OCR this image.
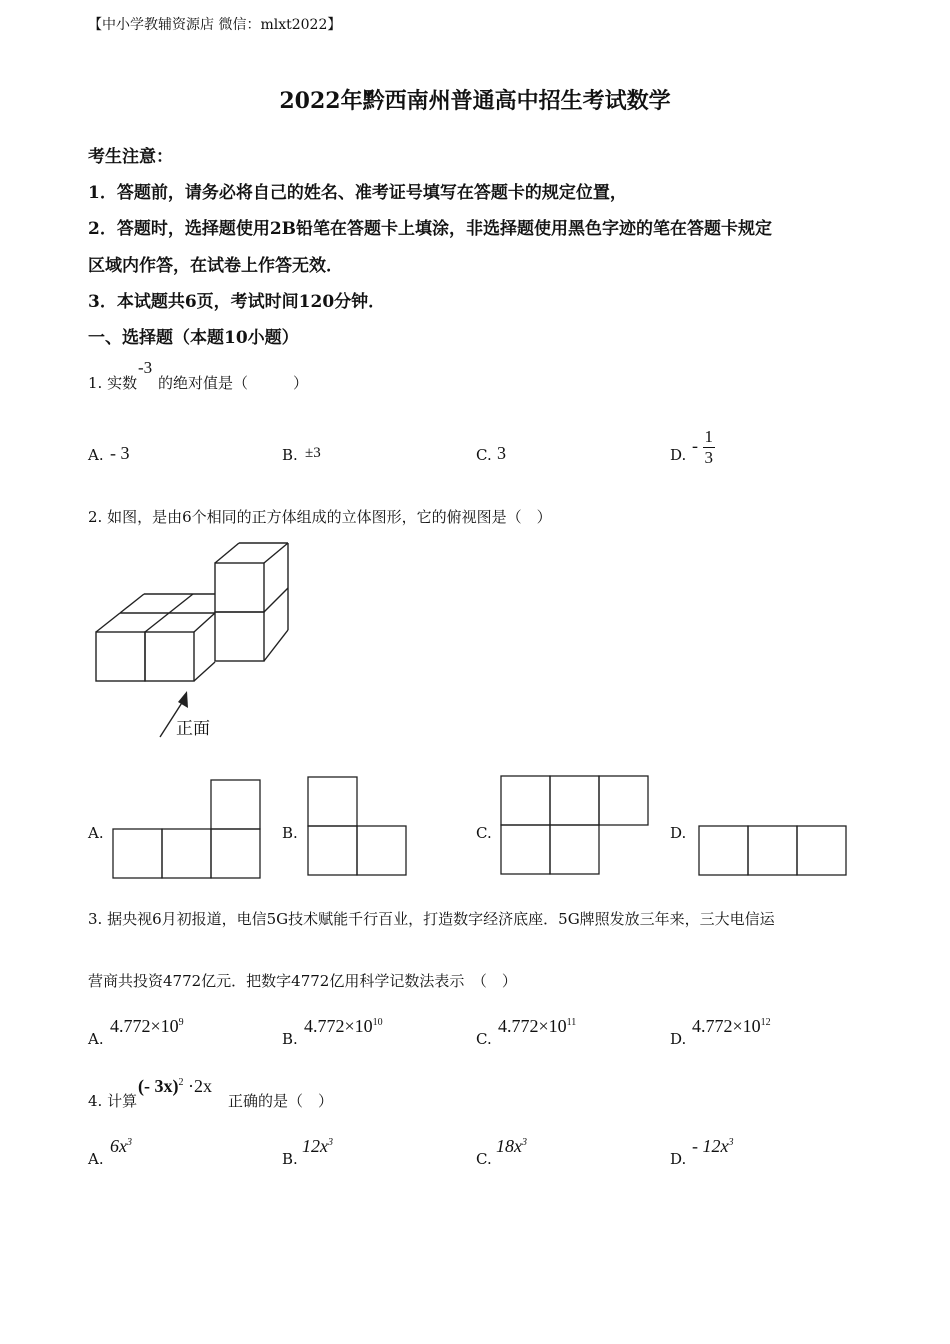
【中小学教辅资源店 微信：mlxt2022】
2022年黔西南州普通高中招生考试数学
考生注意：
1．答题前，请务必将自己的姓名、准考证号填写在答题卡的规定位置，
2．答题时，选择题使用2B铅笔在答题卡上填涂，非选择题使用黑色字迹的笔在答题卡规定
区域内作答，在试卷上作答无效．
3．本试题共6页，考试时间120分钟．
一、选择题（本题10小题）
1. 实数
-3
的绝对值是（　　　）
A. - 3	B. ±3	C. 3	D. - $\frac{1}{3}$
2. 如图，是由6个相同的正方体组成的立体图形，它的俯视图是（　）
正面
A.	B.	C.	D.
3. 据央视6月初报道，电信5G技术赋能千行百业，打造数字经济底座．5G牌照发放三年来，三大电信运
营商共投资4772亿元．把数字4772亿用科学记数法表示　（　）
A.
$4.772\times 10^9$
B.
$4.772\times 10^{10}$
C.
$4.772\times 10^{11}$
D.
$4.772\times 10^{12}$
4. 计算
(- 3x)$^2$ ·2x
正确的是（　）
A.
$6x^3$
B.
$12x^3$
C.
$18x^3$
D.
- $12x^3$
